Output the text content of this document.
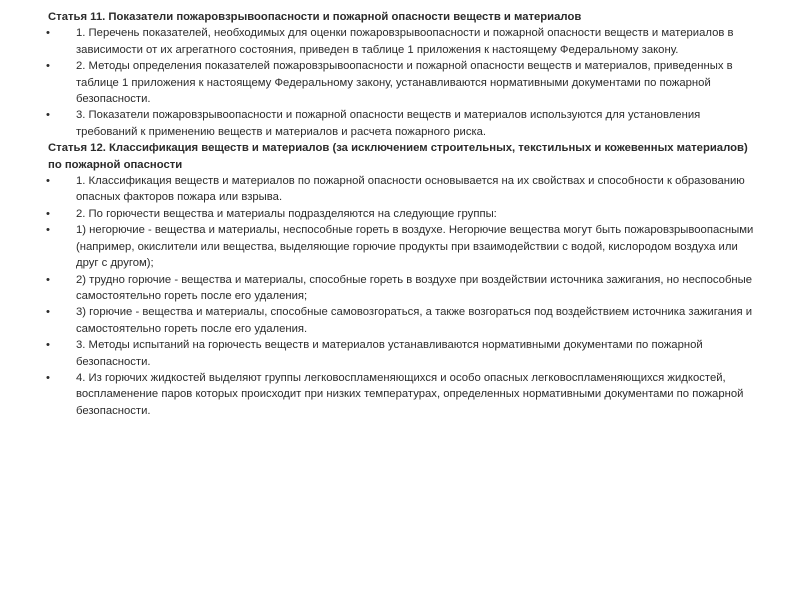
Статья 11. Показатели пожаровзрывоопасности и пожарной опасности веществ и материалов

• 1. Перечень показателей, необходимых для оценки пожаровзрывоопасности и пожарной опасности веществ и материалов в зависимости от их агрегатного состояния, приведен в таблице 1 приложения к настоящему Федеральному закону.

• 2. Методы определения показателей пожаровзрывоопасности и пожарной опасности веществ и материалов, приведенных в таблице 1 приложения к настоящему Федеральному закону, устанавливаются нормативными документами по пожарной безопасности.

• 3. Показатели пожаровзрывоопасности и пожарной опасности веществ и материалов используются для установления требований к применению веществ и материалов и расчета пожарного риска.

Статья 12. Классификация веществ и материалов (за исключением строительных, текстильных и кожевенных материалов) по пожарной опасности

• 1. Классификация веществ и материалов по пожарной опасности основывается на их свойствах и способности к образованию опасных факторов пожара или взрыва.

• 2. По горючести вещества и материалы подразделяются на следующие группы:

• 1) негорючие - вещества и материалы, неспособные гореть в воздухе. Негорючие вещества могут быть пожаровзрывоопасными (например, окислители или вещества, выделяющие горючие продукты при взаимодействии с водой, кислородом воздуха или друг с другом);

• 2) трудно горючие - вещества и материалы, способные гореть в воздухе при воздействии источника зажигания, но неспособные самостоятельно гореть после его удаления;

• 3) горючие - вещества и материалы, способные самовозгораться, а также возгораться под воздействием источника зажигания и самостоятельно гореть после его удаления.

• 3. Методы испытаний на горючесть веществ и материалов устанавливаются нормативными документами по пожарной безопасности.

• 4. Из горючих жидкостей выделяют группы легковоспламеняющихся и особо опасных легковоспламеняющихся жидкостей, воспламенение паров которых происходит при низких температурах, определенных нормативными документами по пожарной безопасности.
